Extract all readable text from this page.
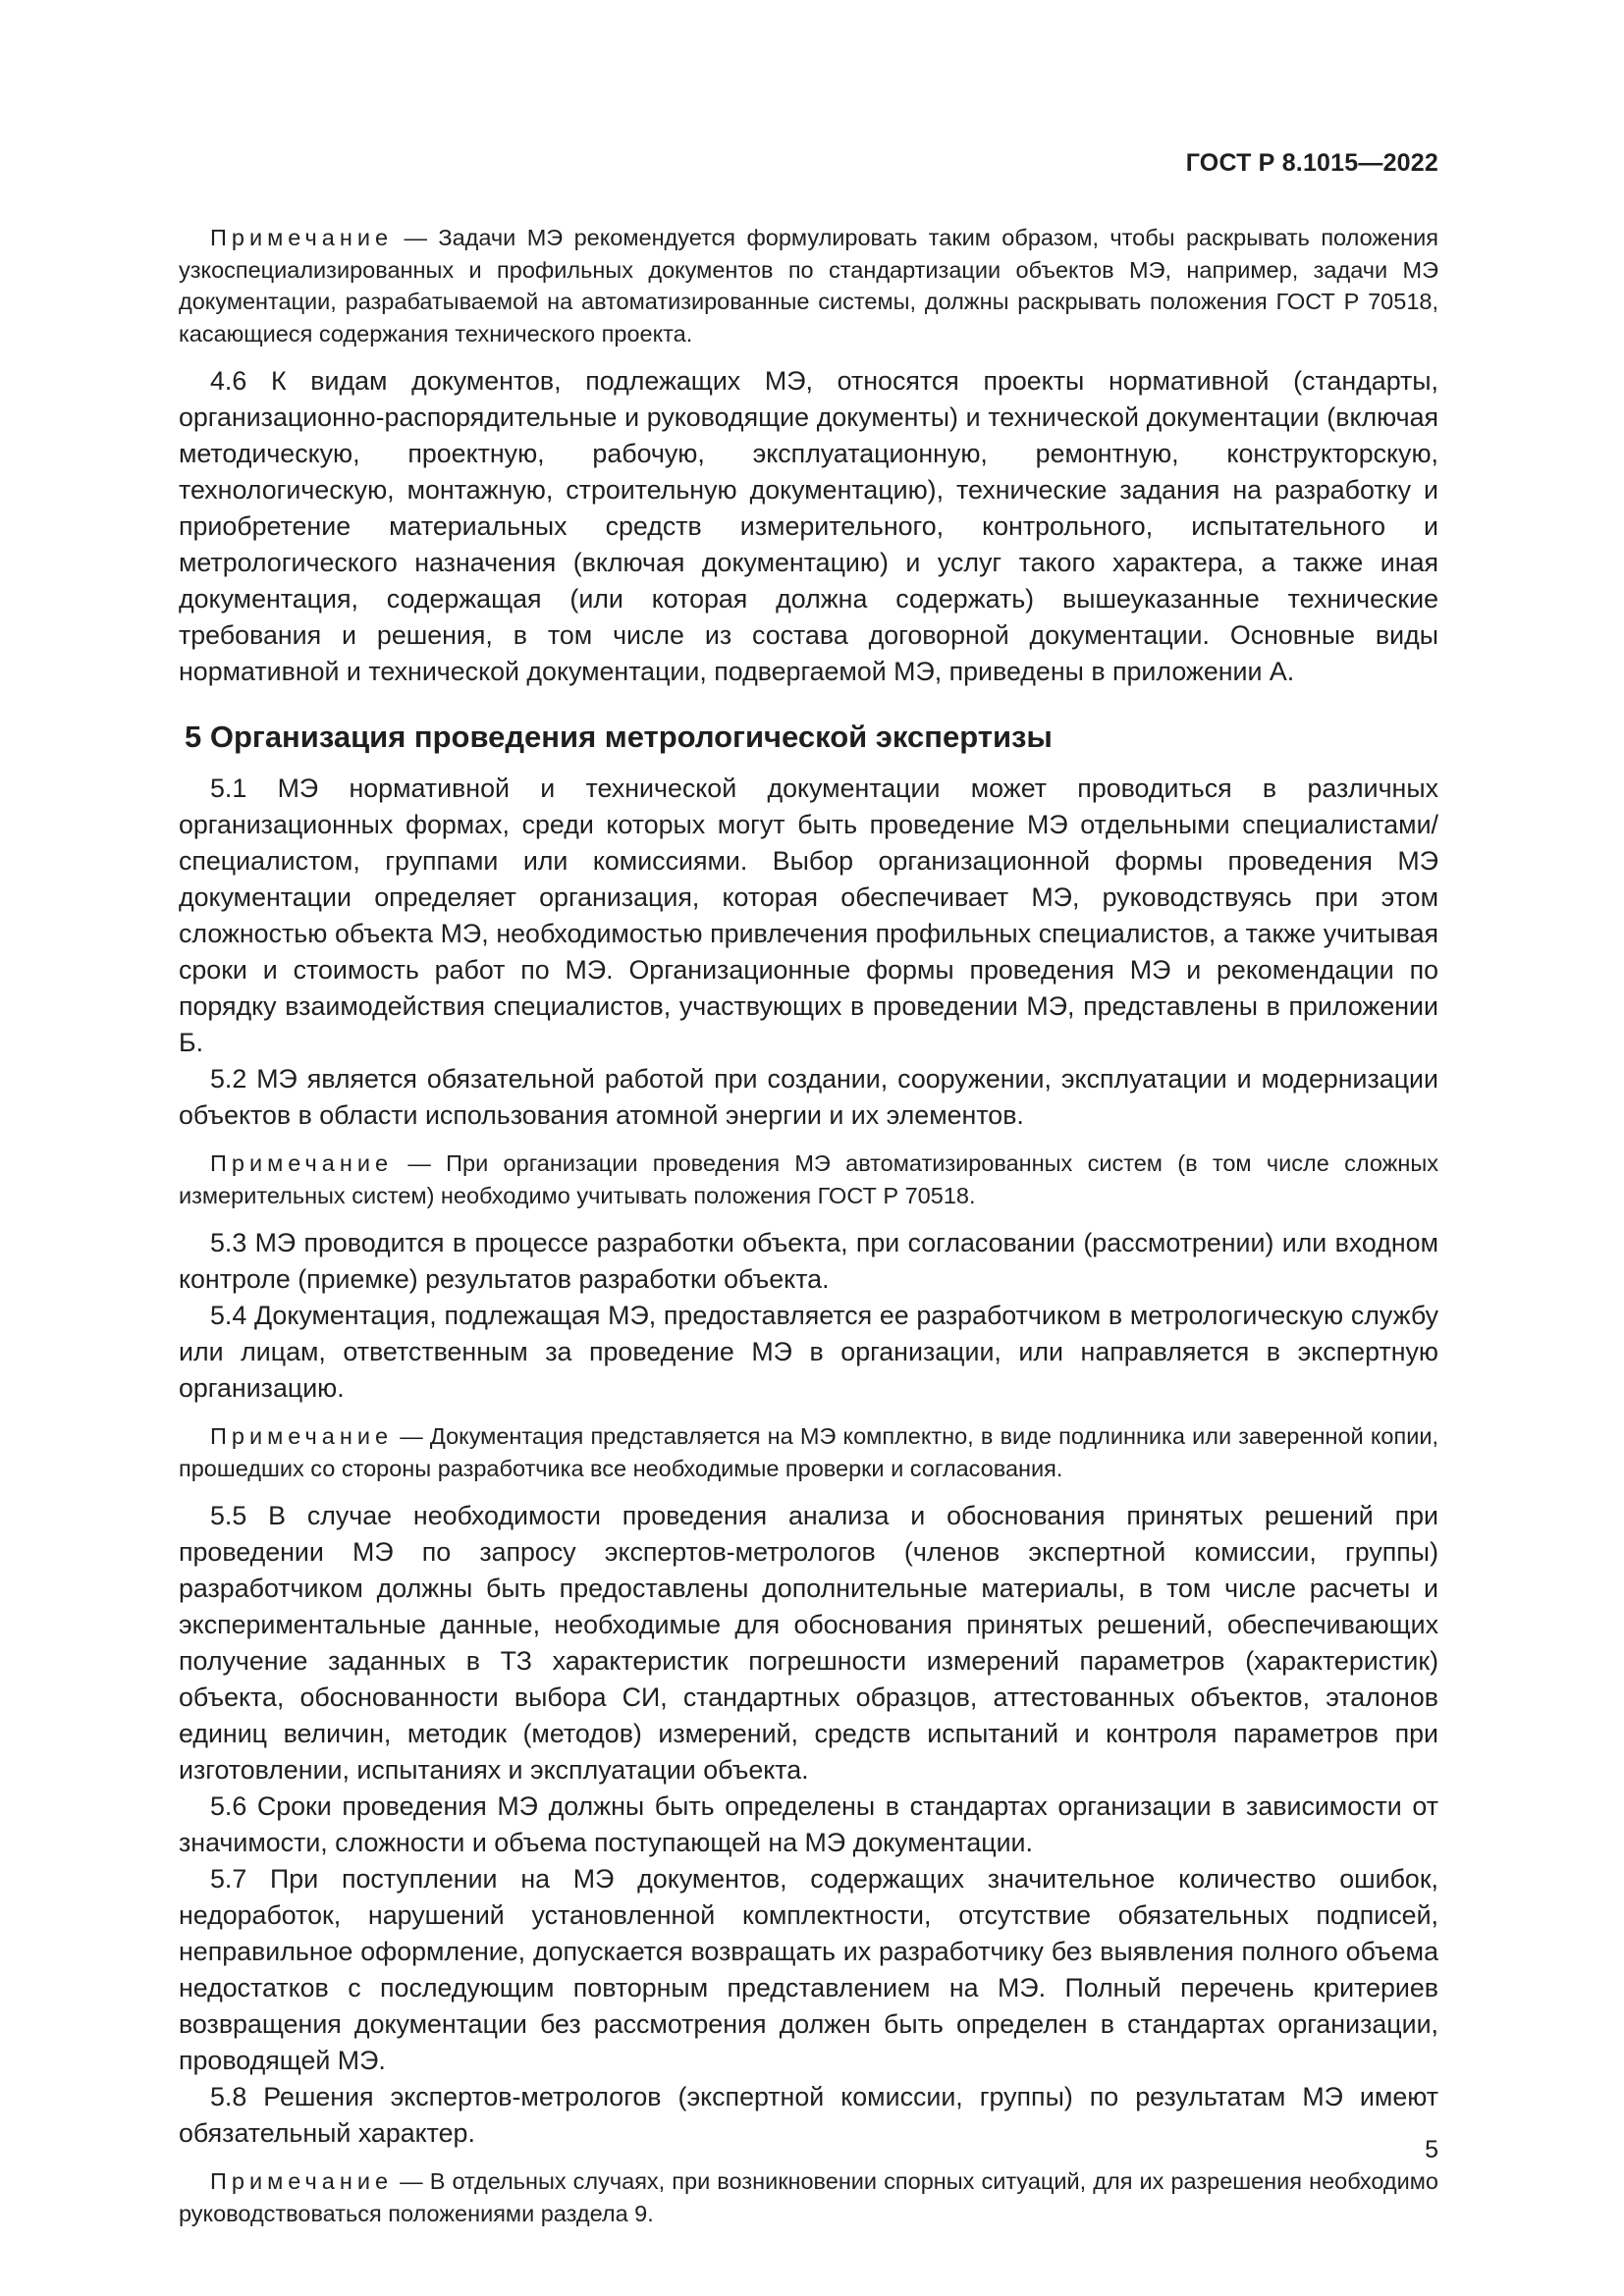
ГОСТ Р 8.1015—2022

Примечание — Задачи МЭ рекомендуется формулировать таким образом, чтобы раскрывать положения узкоспециализированных и профильных документов по стандартизации объектов МЭ, например, задачи МЭ документации, разрабатываемой на автоматизированные системы, должны раскрывать положения ГОСТ Р 70518, касающиеся содержания технического проекта.

4.6 К видам документов, подлежащих МЭ, относятся проекты нормативной (стандарты, организационно-распорядительные и руководящие документы) и технической документации (включая методическую, проектную, рабочую, эксплуатационную, ремонтную, конструкторскую, технологическую, монтажную, строительную документацию), технические задания на разработку и приобретение материальных средств измерительного, контрольного, испытательного и метрологического назначения (включая документацию) и услуг такого характера, а также иная документация, содержащая (или которая должна содержать) вышеуказанные технические требования и решения, в том числе из состава договорной документации. Основные виды нормативной и технической документации, подвергаемой МЭ, приведены в приложении А.

5 Организация проведения метрологической экспертизы

5.1 МЭ нормативной и технической документации может проводиться в различных организационных формах, среди которых могут быть проведение МЭ отдельными специалистами/специалистом, группами или комиссиями. Выбор организационной формы проведения МЭ документации определяет организация, которая обеспечивает МЭ, руководствуясь при этом сложностью объекта МЭ, необходимостью привлечения профильных специалистов, а также учитывая сроки и стоимость работ по МЭ. Организационные формы проведения МЭ и рекомендации по порядку взаимодействия специалистов, участвующих в проведении МЭ, представлены в приложении Б.

5.2 МЭ является обязательной работой при создании, сооружении, эксплуатации и модернизации объектов в области использования атомной энергии и их элементов.

Примечание — При организации проведения МЭ автоматизированных систем (в том числе сложных измерительных систем) необходимо учитывать положения ГОСТ Р 70518.

5.3 МЭ проводится в процессе разработки объекта, при согласовании (рассмотрении) или входном контроле (приемке) результатов разработки объекта.

5.4 Документация, подлежащая МЭ, предоставляется ее разработчиком в метрологическую службу или лицам, ответственным за проведение МЭ в организации, или направляется в экспертную организацию.

Примечание — Документация представляется на МЭ комплектно, в виде подлинника или заверенной копии, прошедших со стороны разработчика все необходимые проверки и согласования.

5.5 В случае необходимости проведения анализа и обоснования принятых решений при проведении МЭ по запросу экспертов-метрологов (членов экспертной комиссии, группы) разработчиком должны быть предоставлены дополнительные материалы, в том числе расчеты и экспериментальные данные, необходимые для обоснования принятых решений, обеспечивающих получение заданных в ТЗ характеристик погрешности измерений параметров (характеристик) объекта, обоснованности выбора СИ, стандартных образцов, аттестованных объектов, эталонов единиц величин, методик (методов) измерений, средств испытаний и контроля параметров при изготовлении, испытаниях и эксплуатации объекта.

5.6 Сроки проведения МЭ должны быть определены в стандартах организации в зависимости от значимости, сложности и объема поступающей на МЭ документации.

5.7 При поступлении на МЭ документов, содержащих значительное количество ошибок, недоработок, нарушений установленной комплектности, отсутствие обязательных подписей, неправильное оформление, допускается возвращать их разработчику без выявления полного объема недостатков с последующим повторным представлением на МЭ. Полный перечень критериев возвращения документации без рассмотрения должен быть определен в стандартах организации, проводящей МЭ.

5.8 Решения экспертов-метрологов (экспертной комиссии, группы) по результатам МЭ имеют обязательный характер.

Примечание — В отдельных случаях, при возникновении спорных ситуаций, для их разрешения необходимо руководствоваться положениями раздела 9.

5
